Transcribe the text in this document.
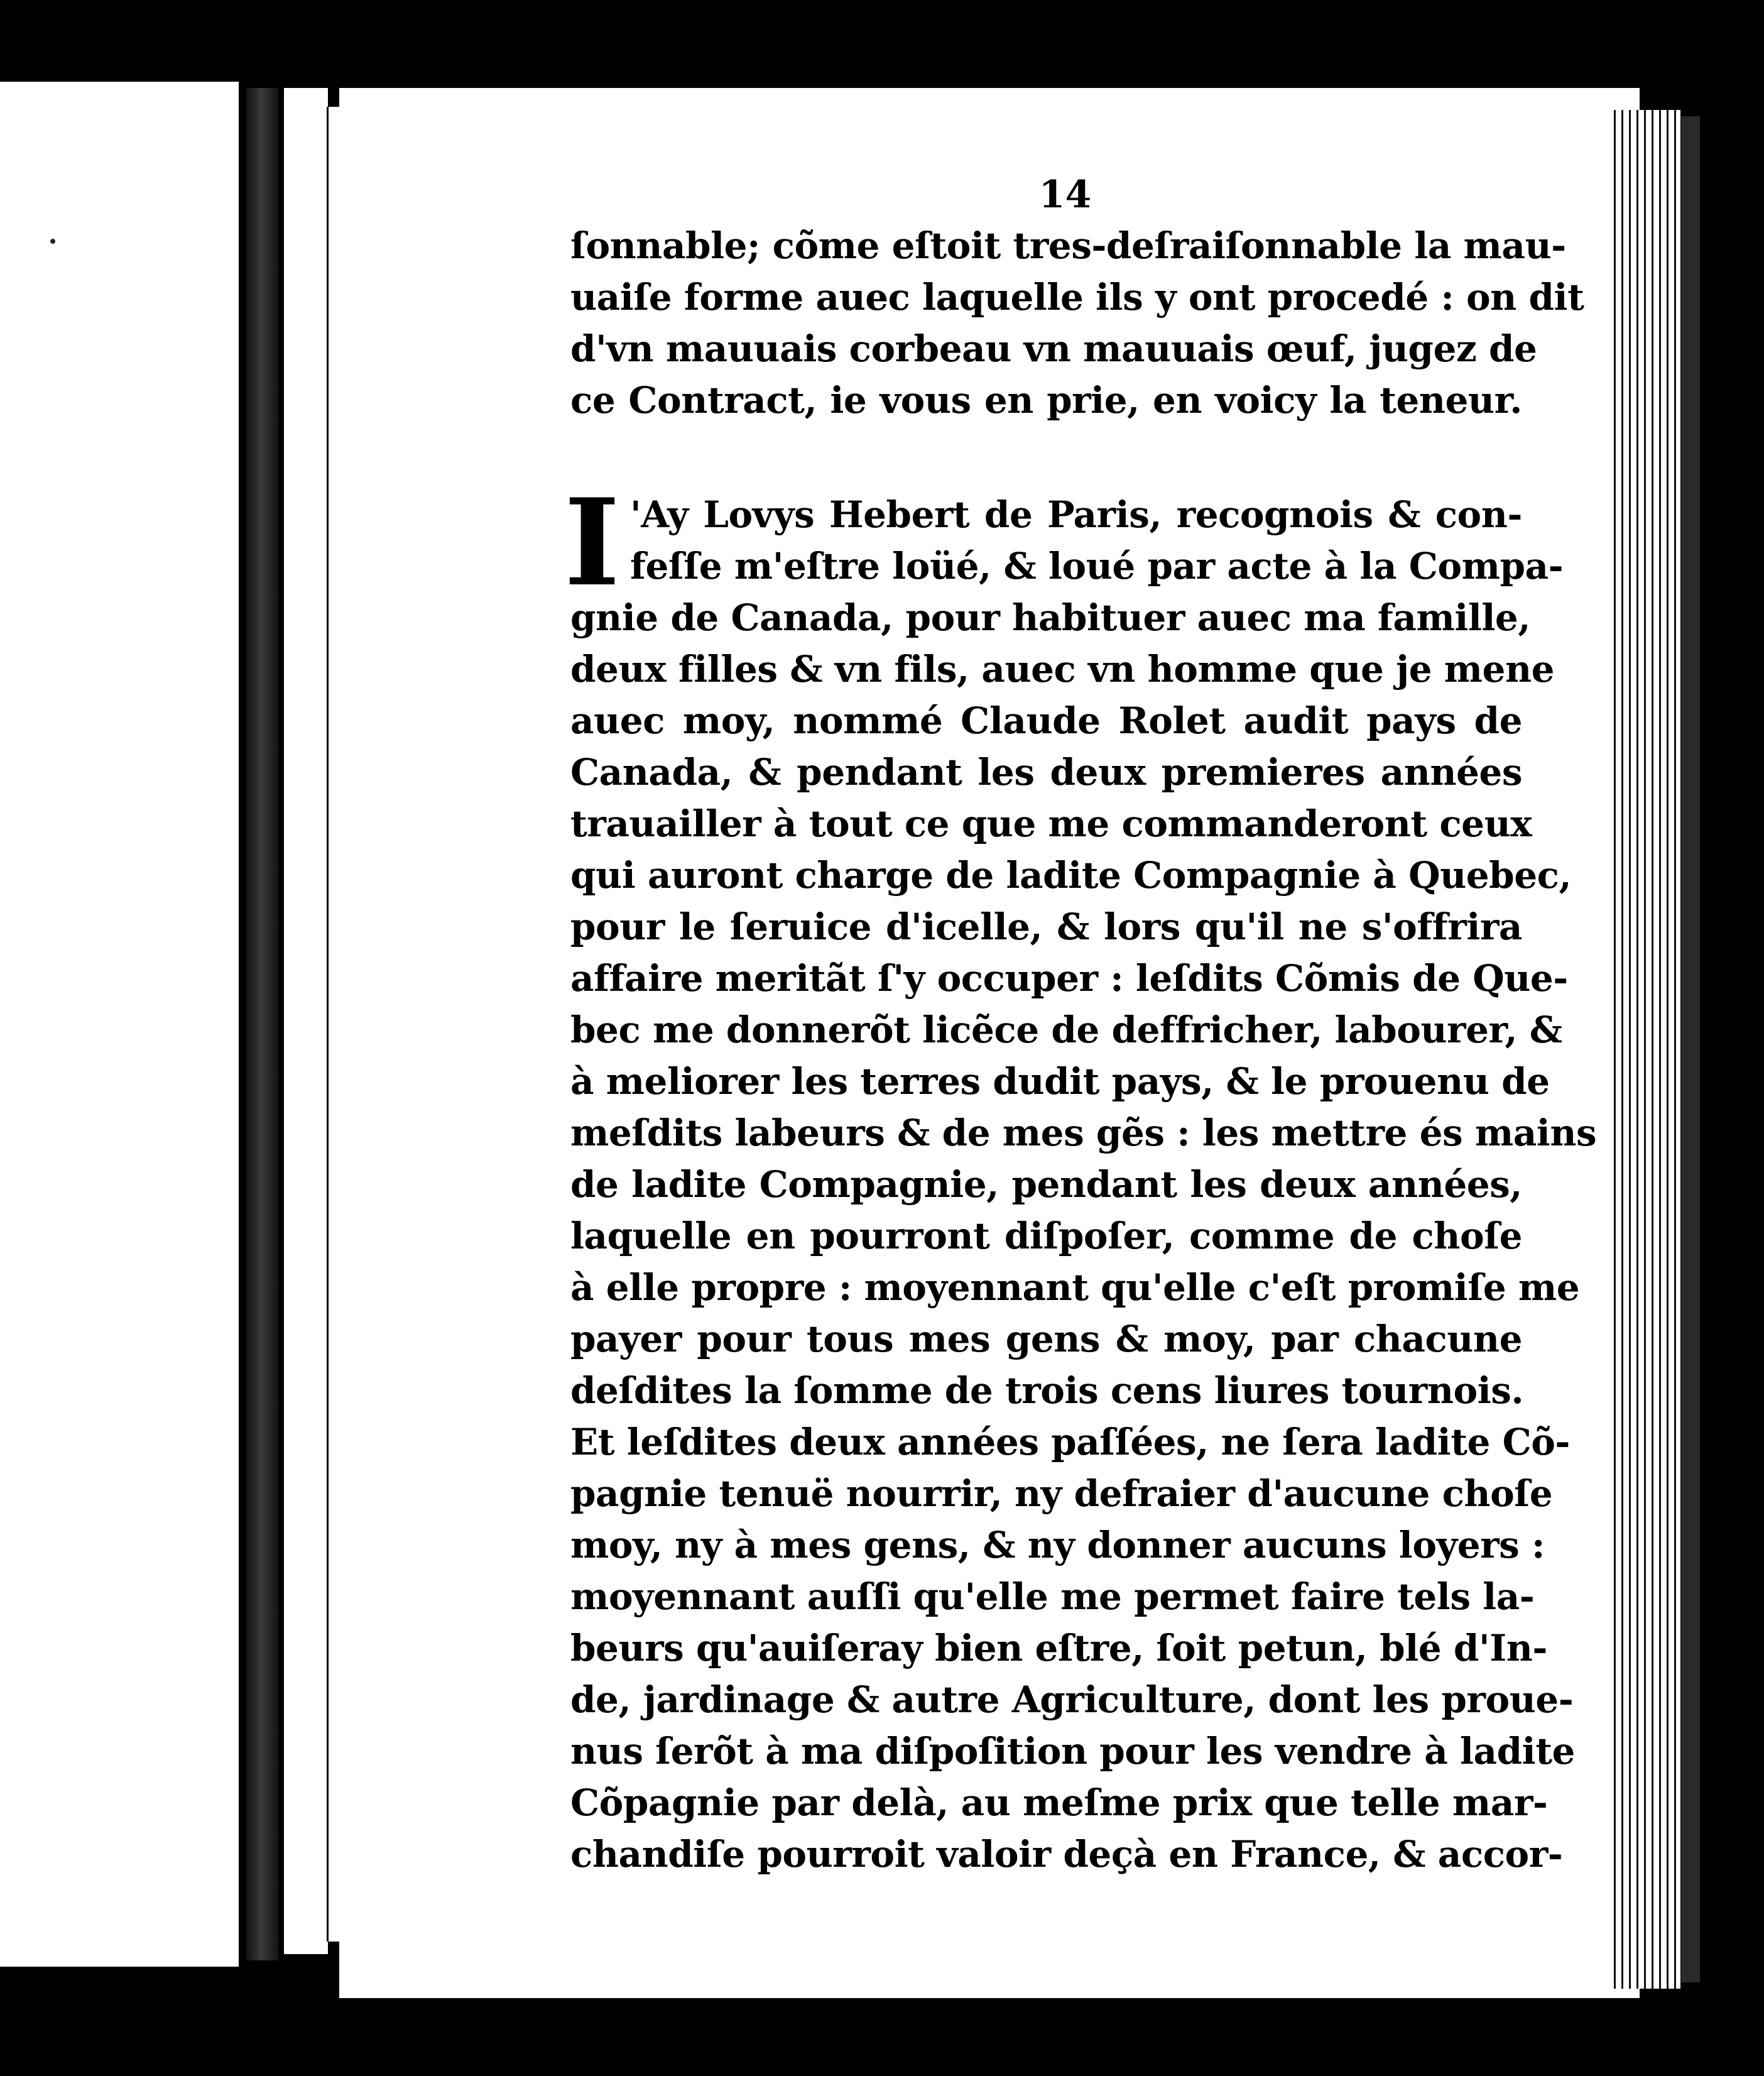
14
ſonnable; cõme eſtoit tres-deſraiſonnable la mau-
uaiſe forme auec laquelle ils y ont procedé : on dit
d'vn mauuais corbeau vn mauuais œuf, jugez de
ce Contract, ie vous en prie, en voicy la teneur.
I 'Ay Lovys Hebert de Paris, recognois & con-
feſſe m'eſtre loüé, & loué par acte à la Compa-
gnie de Canada, pour habituer auec ma famille,
deux filles & vn fils, auec vn homme que je mene
auec moy, nommé Claude Rolet audit pays de
Canada, & pendant les deux premieres années
trauailler à tout ce que me commanderont ceux
qui auront charge de ladite Compagnie à Quebec,
pour le ſeruice d'icelle, & lors qu'il ne s'offrira
affaire meritãt ſ'y occuper : leſdits Cõmis de Que-
bec me donnerõt licẽce de deffricher, labourer, &
à meliorer les terres dudit pays, & le prouenu de
meſdits labeurs & de mes gẽs : les mettre és mains
de ladite Compagnie, pendant les deux années,
laquelle en pourront diſpoſer, comme de choſe
à elle propre : moyennant qu'elle c'eſt promiſe me
payer pour tous mes gens & moy, par chacune
deſdites la ſomme de trois cens liures tournois.
Et leſdites deux années paſſées, ne ſera ladite Cõ-
pagnie tenuë nourrir, ny defraier d'aucune choſe
moy, ny à mes gens, & ny donner aucuns loyers :
moyennant auſſi qu'elle me permet faire tels la-
beurs qu'auiſeray bien eſtre, ſoit petun, blé d'In-
de, jardinage & autre Agriculture, dont les proue-
nus ſerõt à ma diſpoſition pour les vendre à ladite
Cõpagnie par delà, au meſme prix que telle mar-
chandiſe pourroit valoir deçà en France, & accor-
